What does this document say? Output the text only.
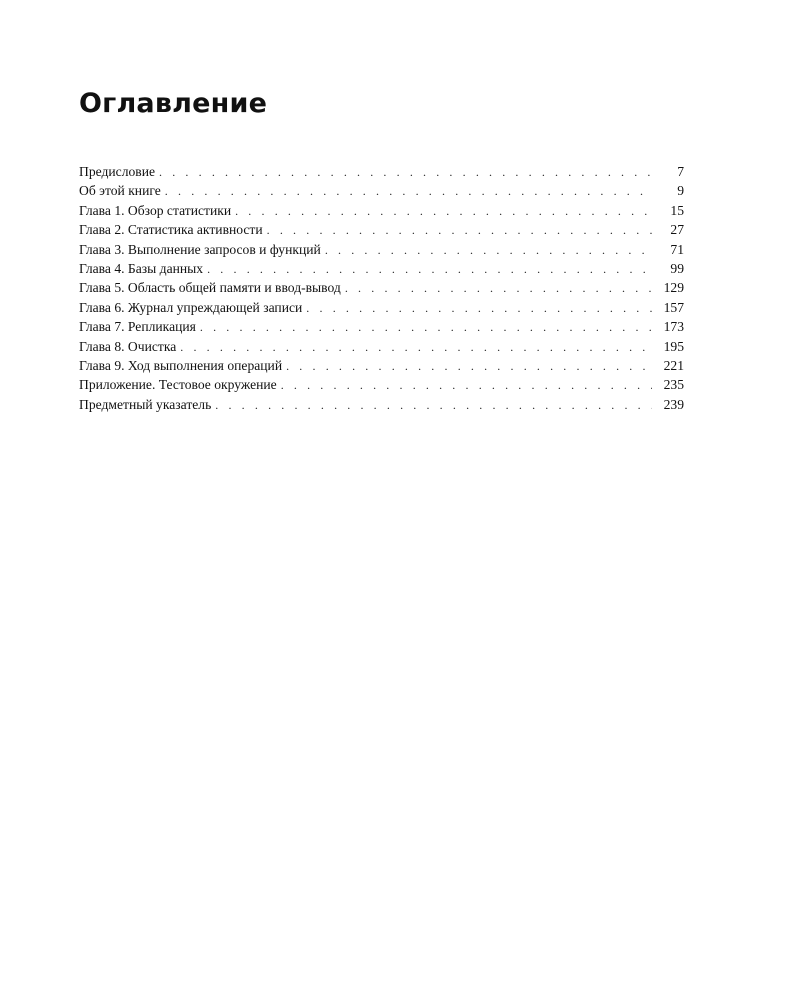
Оглавление
Предисловие . . .	7
Об этой книге . . .	9
Глава 1. Обзор статистики . . .	15
Глава 2. Статистика активности . . .	27
Глава 3. Выполнение запросов и функций . . .	71
Глава 4. Базы данных . . .	99
Глава 5. Область общей памяти и ввод-вывод . . .	129
Глава 6. Журнал упреждающей записи . . .	157
Глава 7. Репликация . . .	173
Глава 8. Очистка . . .	195
Глава 9. Ход выполнения операций . . .	221
Приложение. Тестовое окружение . . .	235
Предметный указатель . . .	239
